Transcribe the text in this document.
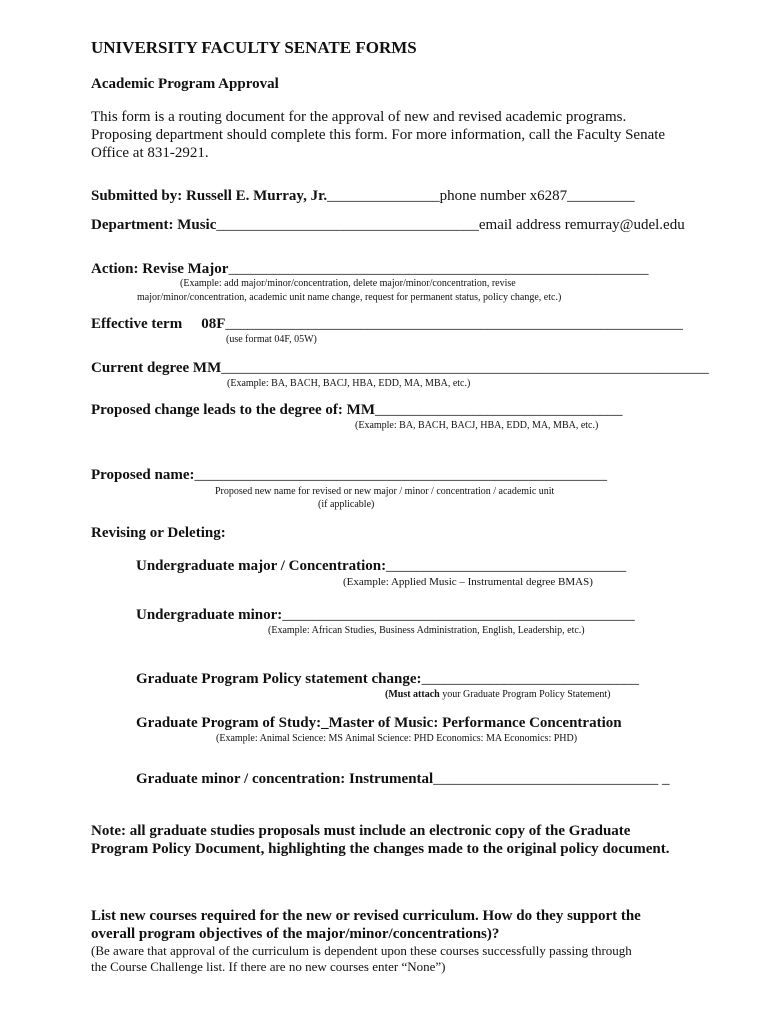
UNIVERSITY FACULTY SENATE FORMS
Academic Program Approval
This form is a routing document for the approval of new and revised academic programs.
Proposing department should complete this form. For more information, call the Faculty Senate
Office at 831-2921.
Submitted by: Russell E. Murray, Jr._______________phone number x6287_________
Department: Music___________________________________email address remurray@udel.edu
Action: Revise Major________________________________________________________
(Example: add major/minor/concentration, delete major/minor/concentration, revise
major/minor/concentration, academic unit name change, request for permanent status, policy change, etc.)
Effective term 08F_____________________________________________________________
(use format 04F, 05W)
Current degree MM_________________________________________________________________
(Example: BA, BACH, BACJ, HBA, EDD, MA, MBA, etc.)
Proposed change leads to the degree of: MM_________________________________
(Example: BA, BACH, BACJ, HBA, EDD, MA, MBA, etc.)
Proposed name:_______________________________________________________
Proposed new name for revised or new major / minor / concentration / academic unit
(if applicable)
Revising or Deleting:
Undergraduate major / Concentration:________________________________
(Example: Applied Music – Instrumental degree BMAS)
Undergraduate minor:_______________________________________________
(Example: African Studies, Business Administration, English, Leadership, etc.)
Graduate Program Policy statement change:_____________________________
(Must attach your Graduate Program Policy Statement)
Graduate Program of Study:_Master of Music: Performance Concentration
(Example: Animal Science: MS Animal Science: PHD Economics: MA Economics: PHD)
Graduate minor / concentration: Instrumental______________________________ _
Note: all graduate studies proposals must include an electronic copy of the Graduate
Program Policy Document, highlighting the changes made to the original policy document.
List new courses required for the new or revised curriculum. How do they support the
overall program objectives of the major/minor/concentrations)?
(Be aware that approval of the curriculum is dependent upon these courses successfully passing through
the Course Challenge list. If there are no new courses enter “None”)
